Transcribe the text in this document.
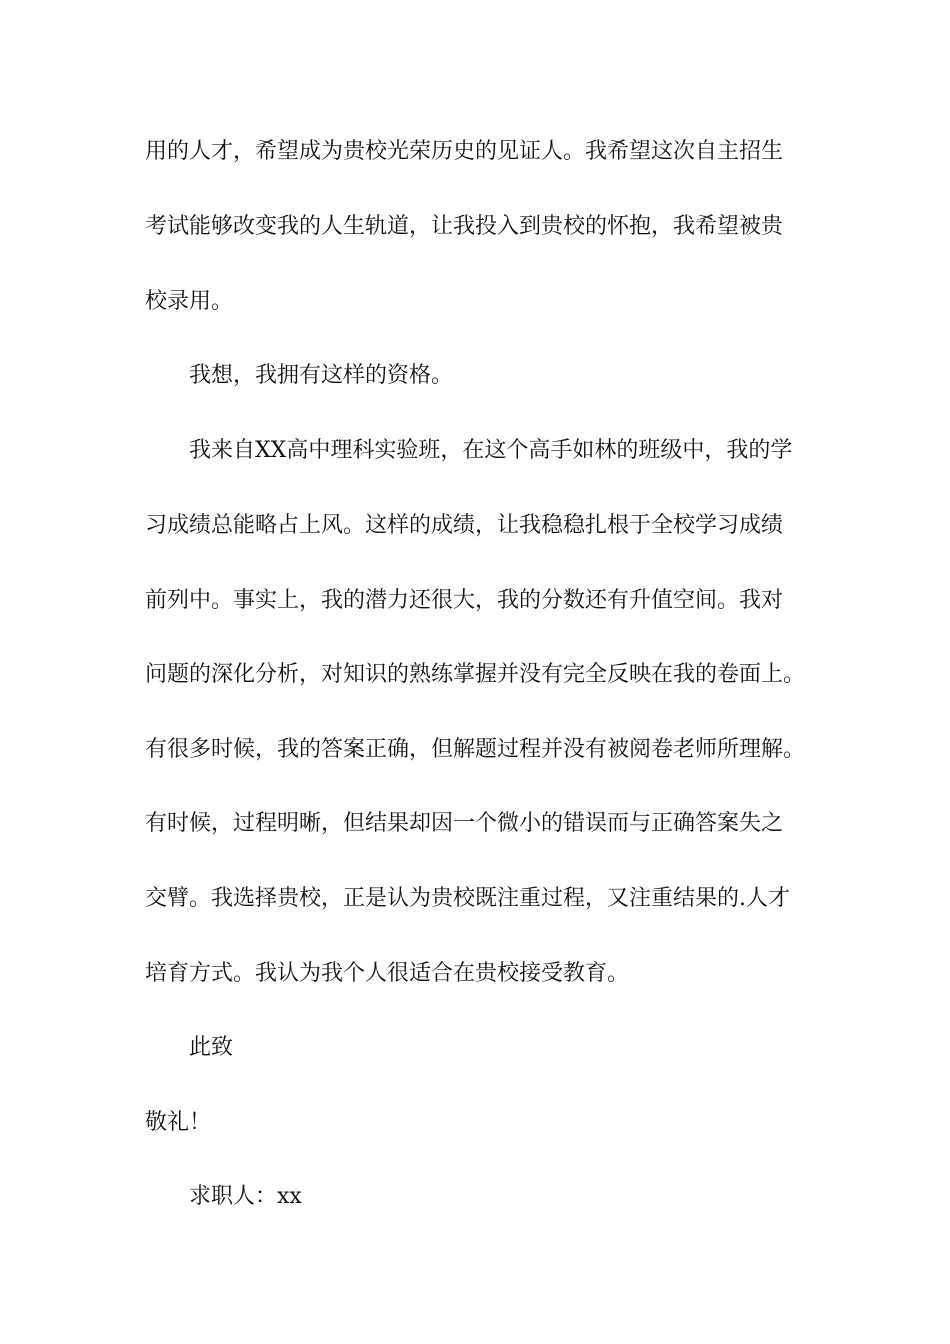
用的人才，希望成为贵校光荣历史的见证人。我希望这次自主招生
考试能够改变我的人生轨道，让我投入到贵校的怀抱，我希望被贵
校录用。
我想，我拥有这样的资格。
我来自XX高中理科实验班，在这个高手如林的班级中，我的学
习成绩总能略占上风。这样的成绩，让我稳稳扎根于全校学习成绩
前列中。事实上，我的潜力还很大，我的分数还有升值空间。我对
问题的深化分析，对知识的熟练掌握并没有完全反映在我的卷面上。
有很多时候，我的答案正确，但解题过程并没有被阅卷老师所理解。
有时候，过程明晰，但结果却因一个微小的错误而与正确答案失之
交臂。我选择贵校，正是认为贵校既注重过程，又注重结果的.人才
培育方式。我认为我个人很适合在贵校接受教育。
此致
敬礼！
求职人：xx
